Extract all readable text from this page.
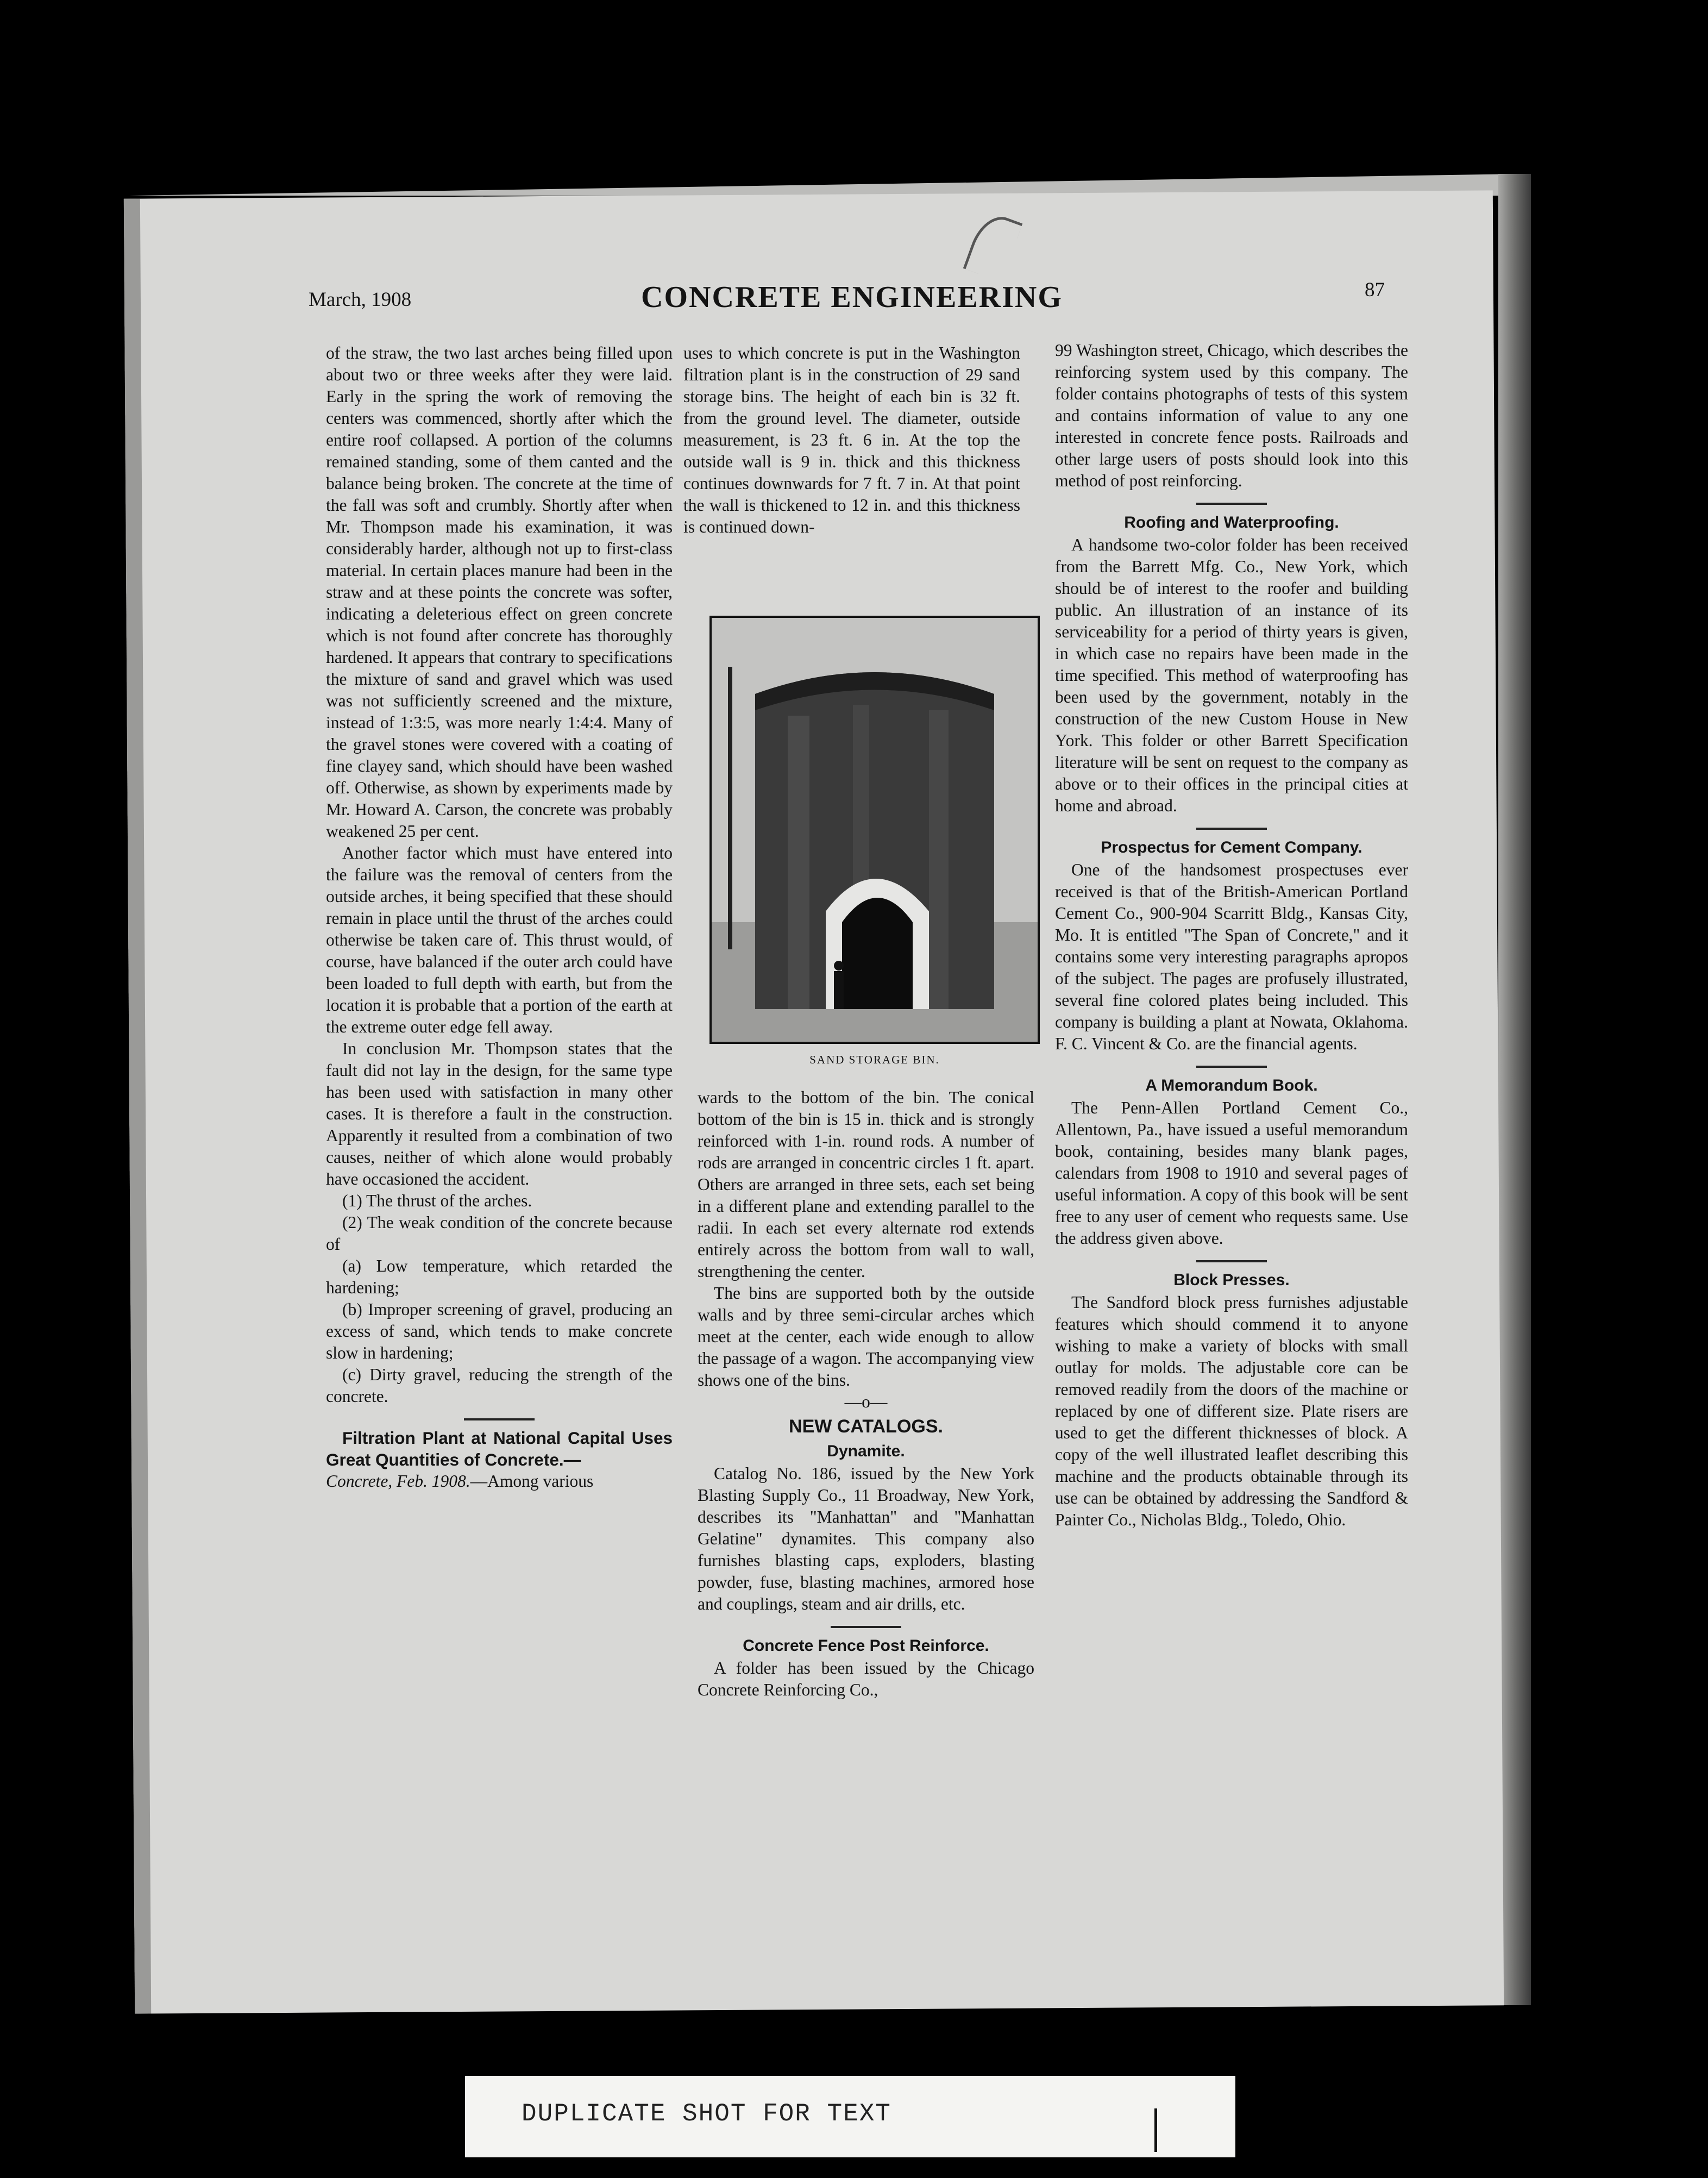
March, 1908	CONCRETE ENGINEERING	87

of the straw, the two last arches being filled upon about two or three weeks after they were laid. Early in the spring the work of removing the centers was commenced, shortly after which the entire roof collapsed. A portion of the columns remained standing, some of them canted and the balance being broken. The concrete at the time of the fall was soft and crumbly. Shortly after when Mr. Thompson made his examination, it was considerably harder, although not up to first-class material. In certain places manure had been in the straw and at these points the concrete was softer, indicating a deleterious effect on green concrete which is not found after concrete has thoroughly hardened. It appears that contrary to specifications the mixture of sand and gravel which was used was not sufficiently screened and the mixture, instead of 1:3:5, was more nearly 1:4:4. Many of the gravel stones were covered with a coating of fine clayey sand, which should have been washed off. Otherwise, as shown by experiments made by Mr. Howard A. Carson, the concrete was probably weakened 25 per cent.

Another factor which must have entered into the failure was the removal of centers from the outside arches, it being specified that these should remain in place until the thrust of the arches could otherwise be taken care of. This thrust would, of course, have balanced if the outer arch could have been loaded to full depth with earth, but from the location it is probable that a portion of the earth at the extreme outer edge fell away.

In conclusion Mr. Thompson states that the fault did not lay in the design, for the same type has been used with satisfaction in many other cases. It is therefore a fault in the construction. Apparently it resulted from a combination of two causes, neither of which alone would probably have occasioned the accident.

(1) The thrust of the arches.

(2) The weak condition of the concrete because of

(a) Low temperature, which retarded the hardening;

(b) Improper screening of gravel, producing an excess of sand, which tends to make concrete slow in hardening;

(c) Dirty gravel, reducing the strength of the concrete.

Filtration Plant at National Capital Uses Great Quantities of Concrete.—

Concrete, Feb. 1908.—Among various

uses to which concrete is put in the Washington filtration plant is in the construction of 29 sand storage bins. The height of each bin is 32 ft. from the ground level. The diameter, outside measurement, is 23 ft. 6 in. At the top the outside wall is 9 in. thick and this thickness continues downwards for 7 ft. 7 in. At that point the wall is thickened to 12 in. and this thickness is continued down-

SAND STORAGE BIN.

wards to the bottom of the bin. The conical bottom of the bin is 15 in. thick and is strongly reinforced with 1-in. round rods. A number of rods are arranged in concentric circles 1 ft. apart. Others are arranged in three sets, each set being in a different plane and extending parallel to the radii. In each set every alternate rod extends entirely across the bottom from wall to wall, strengthening the center.

The bins are supported both by the outside walls and by three semi-circular arches which meet at the center, each wide enough to allow the passage of a wagon. The accompanying view shows one of the bins.

—o—
NEW CATALOGS.
Dynamite.

Catalog No. 186, issued by the New York Blasting Supply Co., 11 Broadway, New York, describes its "Manhattan" and "Manhattan Gelatine" dynamites. This company also furnishes blasting caps, exploders, blasting powder, fuse, blasting machines, armored hose and couplings, steam and air drills, etc.

Concrete Fence Post Reinforce.

A folder has been issued by the Chicago Concrete Reinforcing Co.,

99 Washington street, Chicago, which describes the reinforcing system used by this company. The folder contains photographs of tests of this system and contains information of value to any one interested in concrete fence posts. Railroads and other large users of posts should look into this method of post reinforcing.

Roofing and Waterproofing.

A handsome two-color folder has been received from the Barrett Mfg. Co., New York, which should be of interest to the roofer and building public. An illustration of an instance of its serviceability for a period of thirty years is given, in which case no repairs have been made in the time specified. This method of waterproofing has been used by the government, notably in the construction of the new Custom House in New York. This folder or other Barrett Specification literature will be sent on request to the company as above or to their offices in the principal cities at home and abroad.

Prospectus for Cement Company.

One of the handsomest prospectuses ever received is that of the British-American Portland Cement Co., 900-904 Scarritt Bldg., Kansas City, Mo. It is entitled "The Span of Concrete," and it contains some very interesting paragraphs apropos of the subject. The pages are profusely illustrated, several fine colored plates being included. This company is building a plant at Nowata, Oklahoma. F. C. Vincent & Co. are the financial agents.

A Memorandum Book.

The Penn-Allen Portland Cement Co., Allentown, Pa., have issued a useful memorandum book, containing, besides many blank pages, calendars from 1908 to 1910 and several pages of useful information. A copy of this book will be sent free to any user of cement who requests same. Use the address given above.

Block Presses.

The Sandford block press furnishes adjustable features which should commend it to anyone wishing to make a variety of blocks with small outlay for molds. The adjustable core can be removed readily from the doors of the machine or replaced by one of different size. Plate risers are used to get the different thicknesses of block. A copy of the well illustrated leaflet describing this machine and the products obtainable through its use can be obtained by addressing the Sandford & Painter Co., Nicholas Bldg., Toledo, Ohio.

DUPLICATE SHOT FOR TEXT
